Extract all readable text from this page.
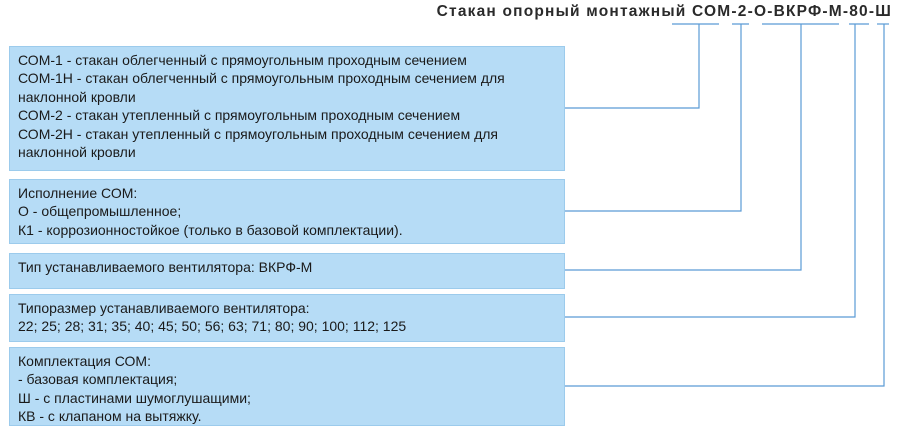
Стакан опорный монтажный СОМ-2-О-ВКРФ-М-80-Ш
СОМ-1 - стакан облегченный с прямоугольным проходным сечением
СОМ-1Н - стакан облегченный с прямоугольным проходным сечением для
наклонной кровли
СОМ-2 - стакан утепленный с прямоугольным проходным сечением
СОМ-2Н - стакан утепленный с прямоугольным проходным сечением для
наклонной кровли
Исполнение СОМ:
О - общепромышленное;
К1 - коррозионностойкое (только в базовой комплектации).
Тип устанавливаемого вентилятора: ВКРФ-М
Типоразмер устанавливаемого вентилятора:
22; 25; 28; 31; 35; 40; 45; 50; 56; 63; 71; 80; 90; 100; 112; 125
Комплектация СОМ:
- базовая комплектация;
Ш - с пластинами шумоглушащими;
КВ - с клапаном на вытяжку.
